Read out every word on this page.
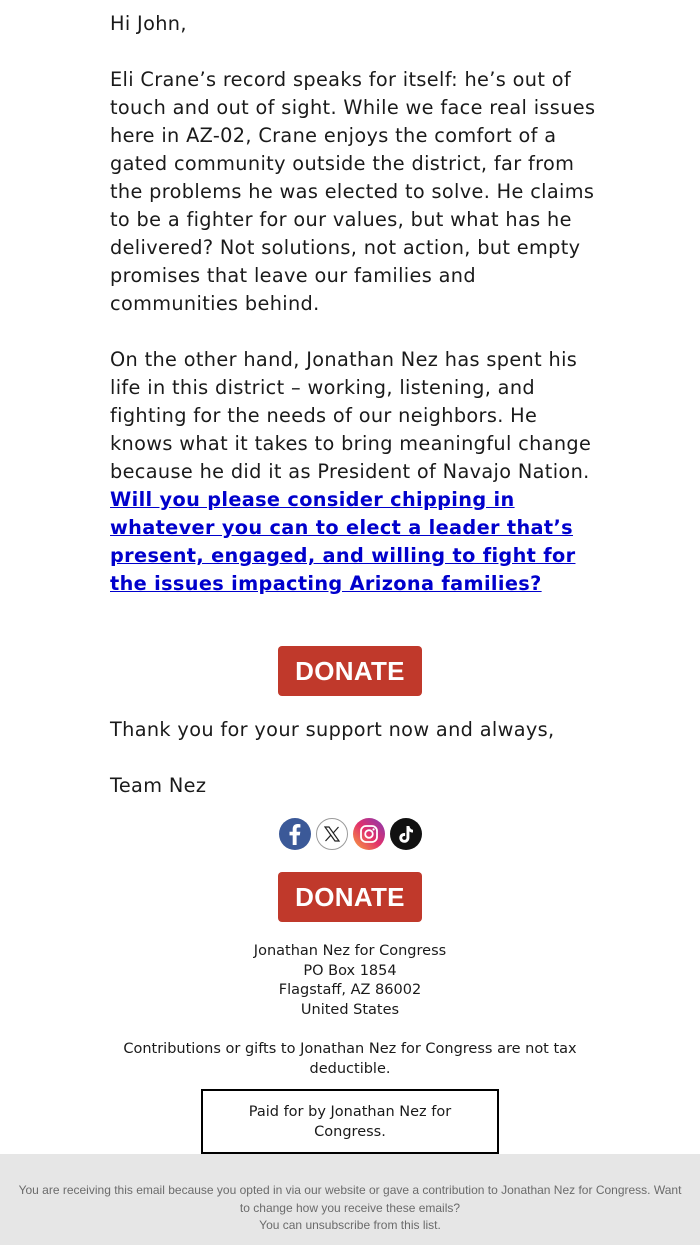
Hi John,

Eli Crane’s record speaks for itself: he’s out of touch and out of sight. While we face real issues here in AZ-02, Crane enjoys the comfort of a gated community outside the district, far from the problems he was elected to solve. He claims to be a fighter for our values, but what has he delivered? Not solutions, not action, but empty promises that leave our families and communities behind.

On the other hand, Jonathan Nez has spent his life in this district – working, listening, and fighting for the needs of our neighbors. He knows what it takes to bring meaningful change because he did it as President of Navajo Nation. Will you please consider chipping in whatever you can to elect a leader that’s present, engaged, and willing to fight for the issues impacting Arizona families?

DONATE
Thank you for your support now and always,
Team Nez
DONATE
Jonathan Nez for Congress
PO Box 1854
Flagstaff, AZ 86002
United States

Contributions or gifts to Jonathan Nez for Congress are not tax deductible.

Paid for by Jonathan Nez for Congress.

You are receiving this email because you opted in via our website or gave a contribution to Jonathan Nez for Congress. Want to change how you receive these emails?

You can unsubscribe from this list.
